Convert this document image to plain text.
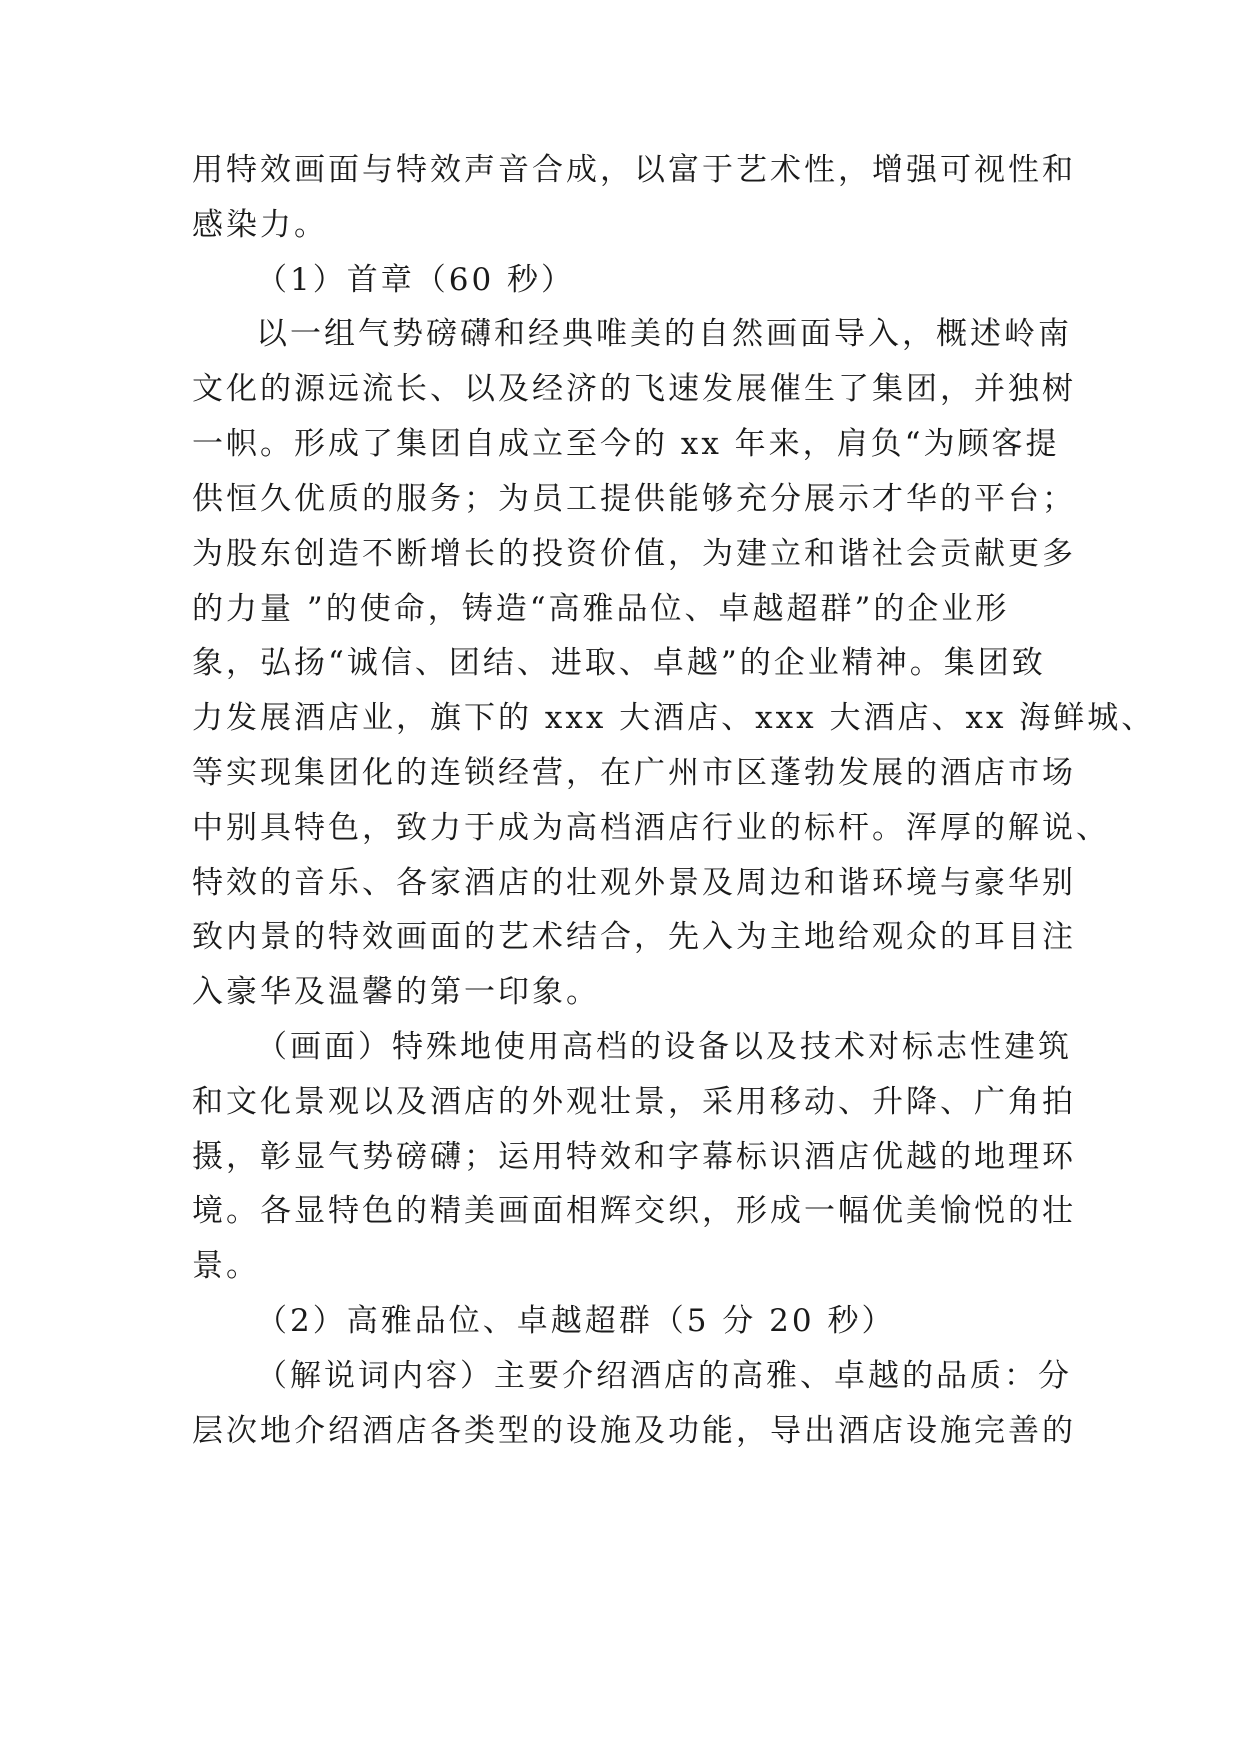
用特效画面与特效声音合成，以富于艺术性，增强可视性和
感染力。
（1）首章（60 秒）
以一组气势磅礴和经典唯美的自然画面导入，概述岭南
文化的源远流长、以及经济的飞速发展催生了集团，并独树
一帜。形成了集团自成立至今的 xx 年来，肩负“为顾客提
供恒久优质的服务；为员工提供能够充分展示才华的平台；
为股东创造不断增长的投资价值，为建立和谐社会贡献更多
的力量 ”的使命，铸造“高雅品位、卓越超群”的企业形
象，弘扬“诚信、团结、进取、卓越”的企业精神。集团致
力发展酒店业，旗下的 xxx 大酒店、xxx 大酒店、xx 海鲜城、
等实现集团化的连锁经营，在广州市区蓬勃发展的酒店市场
中别具特色，致力于成为高档酒店行业的标杆。浑厚的解说、
特效的音乐、各家酒店的壮观外景及周边和谐环境与豪华别
致内景的特效画面的艺术结合，先入为主地给观众的耳目注
入豪华及温馨的第一印象。
（画面）特殊地使用高档的设备以及技术对标志性建筑
和文化景观以及酒店的外观壮景，采用移动、升降、广角拍
摄，彰显气势磅礴；运用特效和字幕标识酒店优越的地理环
境。各显特色的精美画面相辉交织，形成一幅优美愉悦的壮
景。
（2）高雅品位、卓越超群（5 分 20 秒）
（解说词内容）主要介绍酒店的高雅、卓越的品质：分
层次地介绍酒店各类型的设施及功能，导出酒店设施完善的
